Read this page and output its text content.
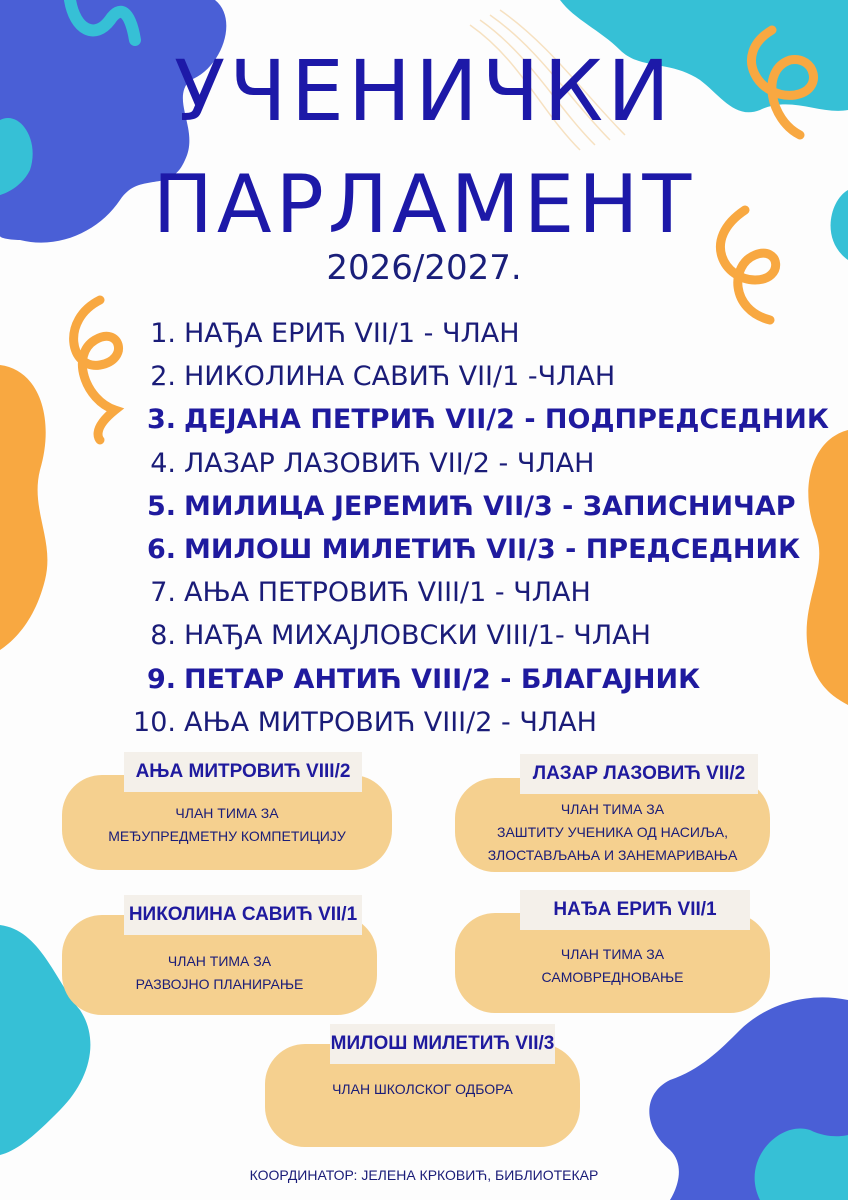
УЧЕНИЧКИ
ПАРЛАМЕНТ
2026/2027.
1. НАЂА ЕРИЋ VII/1 - ЧЛАН
2. НИКОЛИНА САВИЋ VII/1 -ЧЛАН
3. ДЕЈАНА ПЕТРИЋ VII/2 - ПОДПРЕДСЕДНИК
4. ЛАЗАР ЛАЗОВИЋ VII/2 - ЧЛАН
5. МИЛИЦА ЈЕРЕМИЋ VII/3 - ЗАПИСНИЧАР
6. МИЛОШ МИЛЕТИЋ VII/3 - ПРЕДСЕДНИК
7. АЊА ПЕТРОВИЋ VIII/1 - ЧЛАН
8. НАЂА МИХАЈЛОВСКИ VIII/1- ЧЛАН
9. ПЕТАР АНТИЋ VIII/2 - БЛАГАЈНИК
10. АЊА МИТРОВИЋ VIII/2 - ЧЛАН
АЊА МИТРОВИЋ VIII/2
ЧЛАН ТИМА ЗА
МЕЂУПРЕДМЕТНУ КОМПЕТИЦИЈУ
ЛАЗАР ЛАЗОВИЋ VII/2
ЧЛАН ТИМА ЗА
ЗАШТИТУ УЧЕНИКА ОД НАСИЉА,
ЗЛОСТАВЉАЊА И ЗАНЕМАРИВАЊА
НИКОЛИНА САВИЋ VII/1
ЧЛАН ТИМА ЗА
РАЗВОЈНО ПЛАНИРАЊЕ
НАЂА ЕРИЋ VII/1
ЧЛАН ТИМА ЗА
САМОВРЕДНОВАЊЕ
МИЛОШ МИЛЕТИЋ VII/3
ЧЛАН ШКОЛСКОГ ОДБОРА
КООРДИНАТОР: ЈЕЛЕНА КРКОВИЋ, БИБЛИОТЕКАР
